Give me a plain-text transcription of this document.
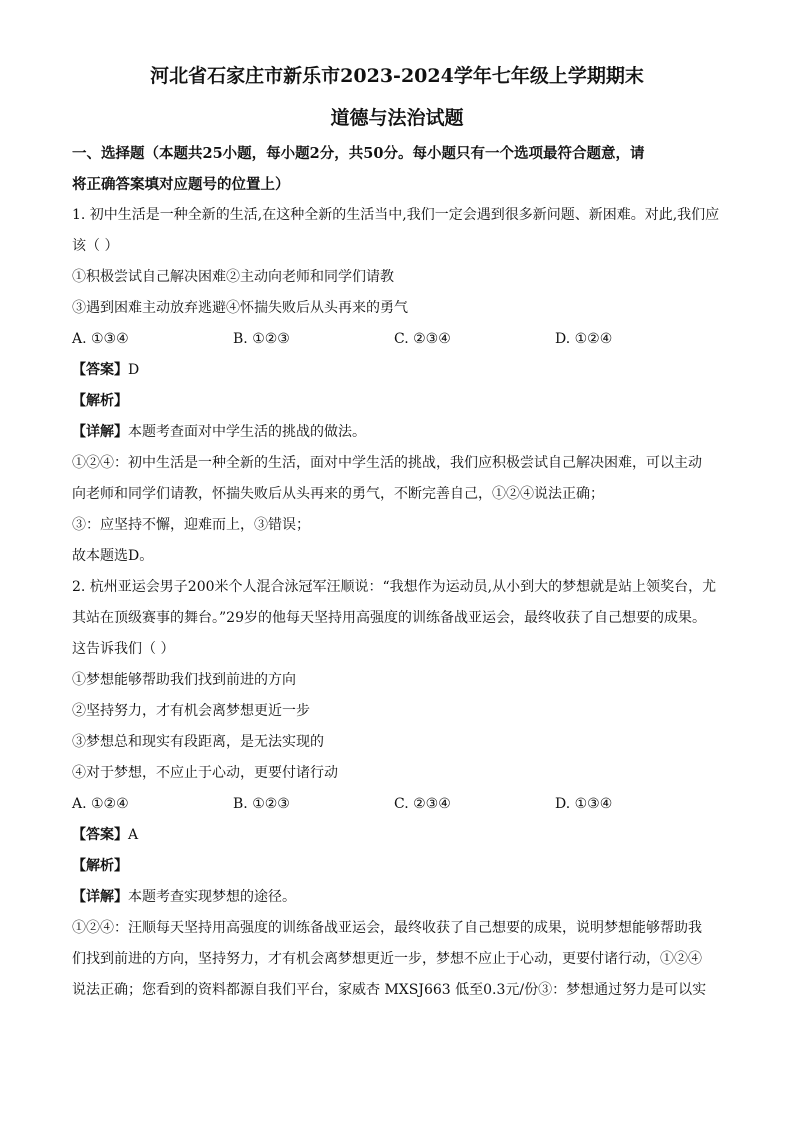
河北省石家庄市新乐市2023-2024学年七年级上学期期末
道德与法治试题

一、选择题（本题共25小题，每小题2分，共50分。每小题只有一个选项最符合题意，请

将正确答案填对应题号的位置上）

1. 初中生活是一种全新的生活,在这种全新的生活当中,我们一定会遇到很多新问题、新困难。对此,我们应

该（ ）

①积极尝试自己解决困难②主动向老师和同学们请教

③遇到困难主动放弃逃避④怀揣失败后从头再来的勇气

A. ①③④	B. ①②③	C. ②③④	D. ①②④

【答案】D

【解析】

【详解】本题考查面对中学生活的挑战的做法。

①②④：初中生活是一种全新的生活，面对中学生活的挑战，我们应积极尝试自己解决困难，可以主动

向老师和同学们请教，怀揣失败后从头再来的勇气，不断完善自己，①②④说法正确；

③：应坚持不懈，迎难而上，③错误；

故本题选D。

2. 杭州亚运会男子200米个人混合泳冠军汪顺说：“我想作为运动员,从小到大的梦想就是站上领奖台，尤

其站在顶级赛事的舞台。”29岁的他每天坚持用高强度的训练备战亚运会，最终收获了自己想要的成果。

这告诉我们（ ）

①梦想能够帮助我们找到前进的方向

②坚持努力，才有机会离梦想更近一步

③梦想总和现实有段距离，是无法实现的

④对于梦想，不应止于心动，更要付诸行动

A. ①②④	B. ①②③	C. ②③④	D. ①③④

【答案】A

【解析】

【详解】本题考查实现梦想的途径。

①②④：汪顺每天坚持用高强度的训练备战亚运会，最终收获了自己想要的成果，说明梦想能够帮助我

们找到前进的方向，坚持努力，才有机会离梦想更近一步，梦想不应止于心动，更要付诸行动，①②④

说法正确；您看到的资料都源自我们平台，家威杏 MXSJ663 低至0.3元/份③：梦想通过努力是可以实
